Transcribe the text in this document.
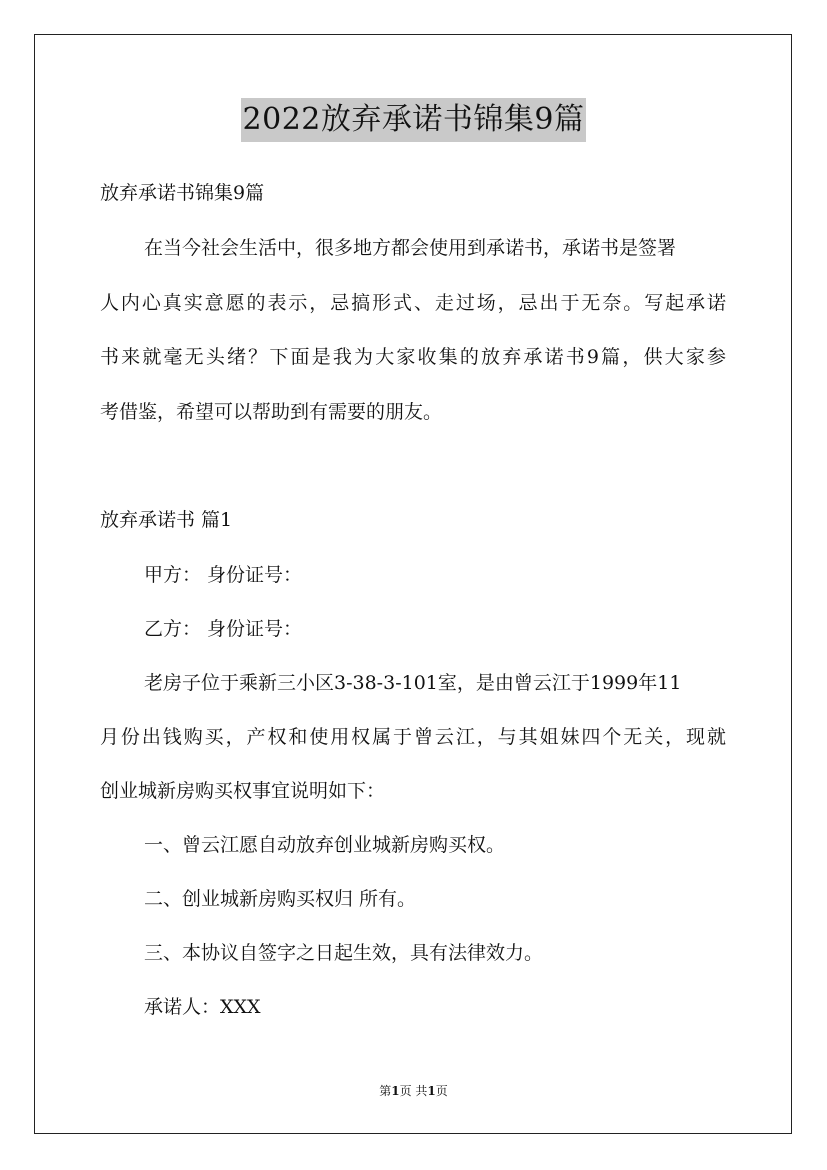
2022放弃承诺书锦集9篇
放弃承诺书锦集9篇
在当今社会生活中，很多地方都会使用到承诺书，承诺书是签署
人内心真实意愿的表示，忌搞形式、走过场，忌出于无奈。写起承诺
书来就毫无头绪？下面是我为大家收集的放弃承诺书9篇，供大家参
考借鉴，希望可以帮助到有需要的朋友。
放弃承诺书 篇1
甲方： 身份证号：
乙方： 身份证号：
老房子位于乘新三小区3-38-3-101室，是由曾云江于1999年11
月份出钱购买，产权和使用权属于曾云江，与其姐妹四个无关，现就
创业城新房购买权事宜说明如下：
一、曾云江愿自动放弃创业城新房购买权。
二、创业城新房购买权归 所有。
三、本协议自签字之日起生效，具有法律效力。
承诺人：XXX
第1页 共1页
